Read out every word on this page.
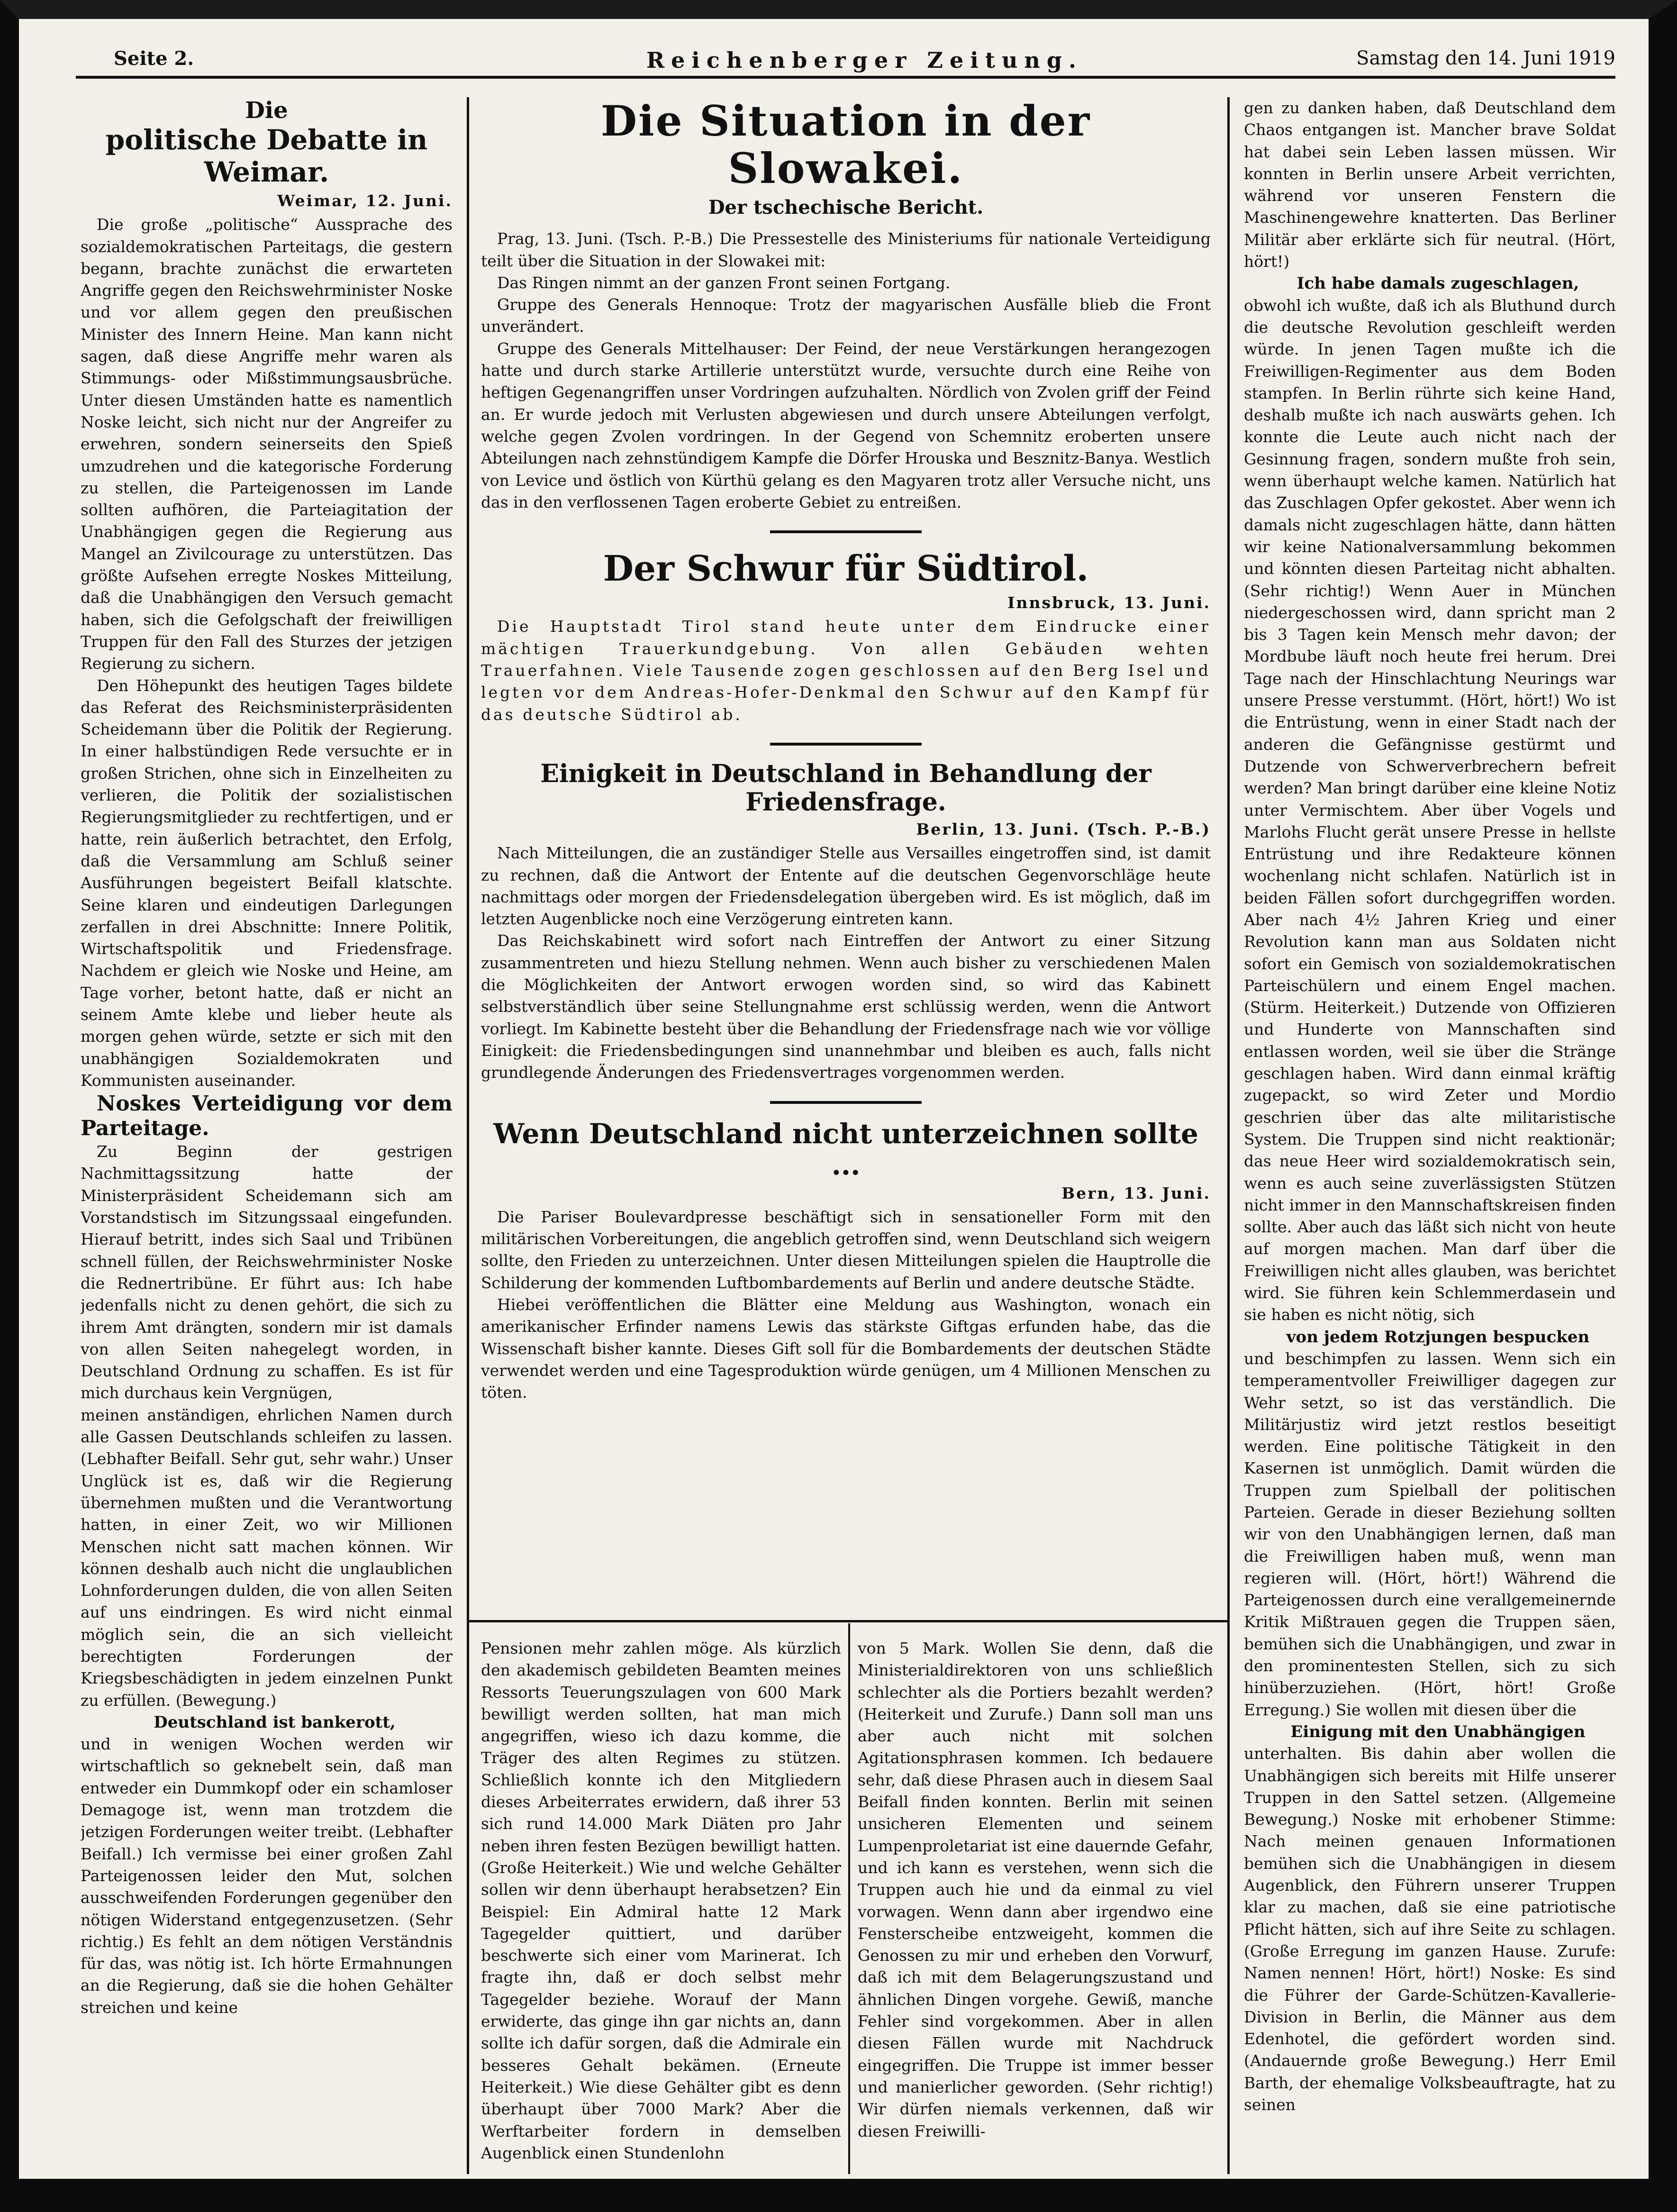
Seite 2.	Reichenberger Zeitung.	Samstag den 14. Juni 1919
Die
politische Debatte in Weimar.
Weimar, 12. Juni.

Die große „politische“ Aussprache des sozialdemokratischen Parteitags, die gestern begann, brachte zunächst die erwarteten Angriffe gegen den Reichswehrminister Noske und vor allem gegen den preußischen Minister des Innern Heine. Man kann nicht sagen, daß diese Angriffe mehr waren als Stimmungs- oder Mißstimmungsausbrüche. Unter diesen Umständen hatte es namentlich Noske leicht, sich nicht nur der Angreifer zu erwehren, sondern seinerseits den Spieß umzudrehen und die kategorische Forderung zu stellen, die Parteigenossen im Lande sollten aufhören, die Parteiagitation der Unabhängigen gegen die Regierung aus Mangel an Zivilcourage zu unterstützen. Das größte Aufsehen erregte Noskes Mitteilung, daß die Unabhängigen den Versuch gemacht haben, sich die Gefolgschaft der freiwilligen Truppen für den Fall des Sturzes der jetzigen Regierung zu sichern.

Den Höhepunkt des heutigen Tages bildete das Referat des Reichsministerpräsidenten Scheidemann über die Politik der Regierung. In einer halbstündigen Rede versuchte er in großen Strichen, ohne sich in Einzelheiten zu verlieren, die Politik der sozialistischen Regierungsmitglieder zu rechtfertigen, und er hatte, rein äußerlich betrachtet, den Erfolg, daß die Versammlung am Schluß seiner Ausführungen begeistert Beifall klatschte. Seine klaren und eindeutigen Darlegungen zerfallen in drei Abschnitte: Innere Politik, Wirtschaftspolitik und Friedensfrage. Nachdem er gleich wie Noske und Heine, am Tage vorher, betont hatte, daß er nicht an seinem Amte klebe und lieber heute als morgen gehen würde, setzte er sich mit den unabhängigen Sozialdemokraten und Kommunisten auseinander.

Noskes Verteidigung vor dem Parteitage.

Zu Beginn der gestrigen Nachmittagssitzung hatte der Ministerpräsident Scheidemann sich am Vorstandstisch im Sitzungssaal eingefunden. Hierauf betritt, indes sich Saal und Tribünen schnell füllen, der Reichswehrminister Noske die Rednertribüne. Er führt aus: Ich habe jedenfalls nicht zu denen gehört, die sich zu ihrem Amt drängten, sondern mir ist damals von allen Seiten nahegelegt worden, in Deutschland Ordnung zu schaffen. Es ist für mich durchaus kein Vergnügen,

meinen anständigen, ehrlichen Namen durch alle Gassen Deutschlands schleifen zu lassen. (Lebhafter Beifall. Sehr gut, sehr wahr.) Unser Unglück ist es, daß wir die Regierung übernehmen mußten und die Verantwortung hatten, in einer Zeit, wo wir Millionen Menschen nicht satt machen können. Wir können deshalb auch nicht die unglaublichen Lohnforderungen dulden, die von allen Seiten auf uns eindringen. Es wird nicht einmal möglich sein, die an sich vielleicht berechtigten Forderungen der Kriegsbeschädigten in jedem einzelnen Punkt zu erfüllen. (Bewegung.)

Deutschland ist bankerott,

und in wenigen Wochen werden wir wirtschaftlich so geknebelt sein, daß man entweder ein Dummkopf oder ein schamloser Demagoge ist, wenn man trotzdem die jetzigen Forderungen weiter treibt. (Lebhafter Beifall.) Ich vermisse bei einer großen Zahl Parteigenossen leider den Mut, solchen ausschweifenden Forderungen gegenüber den nötigen Widerstand entgegenzusetzen. (Sehr richtig.) Es fehlt an dem nötigen Verständnis für das, was nötig ist. Ich hörte Ermahnungen an die Regierung, daß sie die hohen Gehälter streichen und keine

Die Situation in der Slowakei.
Der tschechische Bericht.

Prag, 13. Juni. (Tsch. P.-B.) Die Pressestelle des Ministeriums für nationale Verteidigung teilt über die Situation in der Slowakei mit:

Das Ringen nimmt an der ganzen Front seinen Fortgang.

Gruppe des Generals Hennoque: Trotz der magyarischen Ausfälle blieb die Front unverändert.

Gruppe des Generals Mittelhauser: Der Feind, der neue Verstärkungen herangezogen hatte und durch starke Artillerie unterstützt wurde, versuchte durch eine Reihe von heftigen Gegenangriffen unser Vordringen aufzuhalten. Nördlich von Zvolen griff der Feind an. Er wurde jedoch mit Verlusten abgewiesen und durch unsere Abteilungen verfolgt, welche gegen Zvolen vordringen. In der Gegend von Schemnitz eroberten unsere Abteilungen nach zehnstündigem Kampfe die Dörfer Hrouska und Besznitz-Banya. Westlich von Levice und östlich von Kürthü gelang es den Magyaren trotz aller Versuche nicht, uns das in den verflossenen Tagen eroberte Gebiet zu entreißen.

Der Schwur für Südtirol.
Innsbruck, 13. Juni.

Die Hauptstadt Tirol stand heute unter dem Eindrucke einer mächtigen Trauerkundgebung. Von allen Gebäuden wehten Trauerfahnen. Viele Tausende zogen geschlossen auf den Berg Isel und legten vor dem Andreas-Hofer-Denkmal den Schwur auf den Kampf für das deutsche Südtirol ab.

Einigkeit in Deutschland in Behandlung der Friedensfrage.
Berlin, 13. Juni. (Tsch. P.-B.)

Nach Mitteilungen, die an zuständiger Stelle aus Versailles eingetroffen sind, ist damit zu rechnen, daß die Antwort der Entente auf die deutschen Gegenvorschläge heute nachmittags oder morgen der Friedensdelegation übergeben wird. Es ist möglich, daß im letzten Augenblicke noch eine Verzögerung eintreten kann.

Das Reichskabinett wird sofort nach Eintreffen der Antwort zu einer Sitzung zusammentreten und hiezu Stellung nehmen. Wenn auch bisher zu verschiedenen Malen die Möglichkeiten der Antwort erwogen worden sind, so wird das Kabinett selbstverständlich über seine Stellungnahme erst schlüssig werden, wenn die Antwort vorliegt. Im Kabinette besteht über die Behandlung der Friedensfrage nach wie vor völlige Einigkeit: die Friedensbedingungen sind unannehmbar und bleiben es auch, falls nicht grundlegende Änderungen des Friedensvertrages vorgenommen werden.

Wenn Deutschland nicht unterzeichnen sollte ...
Bern, 13. Juni.

Die Pariser Boulevardpresse beschäftigt sich in sensationeller Form mit den militärischen Vorbereitungen, die angeblich getroffen sind, wenn Deutschland sich weigern sollte, den Frieden zu unterzeichnen. Unter diesen Mitteilungen spielen die Hauptrolle die Schilderung der kommenden Luftbombardements auf Berlin und andere deutsche Städte.

Hiebei veröffentlichen die Blätter eine Meldung aus Washington, wonach ein amerikanischer Erfinder namens Lewis das stärkste Giftgas erfunden habe, das die Wissenschaft bisher kannte. Dieses Gift soll für die Bombardements der deutschen Städte verwendet werden und eine Tagesproduktion würde genügen, um 4 Millionen Menschen zu töten.

Pensionen mehr zahlen möge. Als kürzlich den akademisch gebildeten Beamten meines Ressorts Teuerungszulagen von 600 Mark bewilligt werden sollten, hat man mich angegriffen, wieso ich dazu komme, die Träger des alten Regimes zu stützen. Schließlich konnte ich den Mitgliedern dieses Arbeiterrates erwidern, daß ihrer 53 sich rund 14.000 Mark Diäten pro Jahr neben ihren festen Bezügen bewilligt hatten. (Große Heiterkeit.) Wie und welche Gehälter sollen wir denn überhaupt herabsetzen? Ein Beispiel: Ein Admiral hatte 12 Mark Tagegelder quittiert, und darüber beschwerte sich einer vom Marinerat. Ich fragte ihn, daß er doch selbst mehr Tagegelder beziehe. Worauf der Mann erwiderte, das ginge ihn gar nichts an, dann sollte ich dafür sorgen, daß die Admirale ein besseres Gehalt bekämen. (Erneute Heiterkeit.) Wie diese Gehälter gibt es denn überhaupt über 7000 Mark? Aber die Werftarbeiter fordern in demselben Augenblick einen Stundenlohn

von 5 Mark. Wollen Sie denn, daß die Ministerialdirektoren von uns schließlich schlechter als die Portiers bezahlt werden? (Heiterkeit und Zurufe.) Dann soll man uns aber auch nicht mit solchen Agitationsphrasen kommen. Ich bedauere sehr, daß diese Phrasen auch in diesem Saal Beifall finden konnten. Berlin mit seinen unsicheren Elementen und seinem Lumpenproletariat ist eine dauernde Gefahr, und ich kann es verstehen, wenn sich die Truppen auch hie und da einmal zu viel vorwagen. Wenn dann aber irgendwo eine Fensterscheibe entzweigeht, kommen die Genossen zu mir und erheben den Vorwurf, daß ich mit dem Belagerungszustand und ähnlichen Dingen vorgehe. Gewiß, manche Fehler sind vorgekommen. Aber in allen diesen Fällen wurde mit Nachdruck eingegriffen. Die Truppe ist immer besser und manierlicher geworden. (Sehr richtig!) Wir dürfen niemals verkennen, daß wir diesen Freiwilli-

gen zu danken haben, daß Deutschland dem Chaos entgangen ist. Mancher brave Soldat hat dabei sein Leben lassen müssen. Wir konnten in Berlin unsere Arbeit verrichten, während vor unseren Fenstern die Maschinengewehre knatterten. Das Berliner Militär aber erklärte sich für neutral. (Hört, hört!)

Ich habe damals zugeschlagen,

obwohl ich wußte, daß ich als Bluthund durch die deutsche Revolution geschleift werden würde. In jenen Tagen mußte ich die Freiwilligen-Regimenter aus dem Boden stampfen. In Berlin rührte sich keine Hand, deshalb mußte ich nach auswärts gehen. Ich konnte die Leute auch nicht nach der Gesinnung fragen, sondern mußte froh sein, wenn überhaupt welche kamen. Natürlich hat das Zuschlagen Opfer gekostet. Aber wenn ich damals nicht zugeschlagen hätte, dann hätten wir keine Nationalversammlung bekommen und könnten diesen Parteitag nicht abhalten. (Sehr richtig!) Wenn Auer in München niedergeschossen wird, dann spricht man 2 bis 3 Tagen kein Mensch mehr davon; der Mordbube läuft noch heute frei herum. Drei Tage nach der Hinschlachtung Neurings war unsere Presse verstummt. (Hört, hört!) Wo ist die Entrüstung, wenn in einer Stadt nach der anderen die Gefängnisse gestürmt und Dutzende von Schwerverbrechern befreit werden? Man bringt darüber eine kleine Notiz unter Vermischtem. Aber über Vogels und Marlohs Flucht gerät unsere Presse in hellste Entrüstung und ihre Redakteure können wochenlang nicht schlafen. Natürlich ist in beiden Fällen sofort durchgegriffen worden. Aber nach 4½ Jahren Krieg und einer Revolution kann man aus Soldaten nicht sofort ein Gemisch von sozialdemokratischen Parteischülern und einem Engel machen. (Stürm. Heiterkeit.) Dutzende von Offizieren und Hunderte von Mannschaften sind entlassen worden, weil sie über die Stränge geschlagen haben. Wird dann einmal kräftig zugepackt, so wird Zeter und Mordio geschrien über das alte militaristische System. Die Truppen sind nicht reaktionär; das neue Heer wird sozialdemokratisch sein, wenn es auch seine zuverlässigsten Stützen nicht immer in den Mannschaftskreisen finden sollte. Aber auch das läßt sich nicht von heute auf morgen machen. Man darf über die Freiwilligen nicht alles glauben, was berichtet wird. Sie führen kein Schlemmerdasein und sie haben es nicht nötig, sich

von jedem Rotzjungen bespucken

und beschimpfen zu lassen. Wenn sich ein temperamentvoller Freiwilliger dagegen zur Wehr setzt, so ist das verständlich. Die Militärjustiz wird jetzt restlos beseitigt werden. Eine politische Tätigkeit in den Kasernen ist unmöglich. Damit würden die Truppen zum Spielball der politischen Parteien. Gerade in dieser Beziehung sollten wir von den Unabhängigen lernen, daß man die Freiwilligen haben muß, wenn man regieren will. (Hört, hört!) Während die Parteigenossen durch eine verallgemeinernde Kritik Mißtrauen gegen die Truppen säen, bemühen sich die Unabhängigen, und zwar in den prominentesten Stellen, sich zu sich hinüberzuziehen. (Hört, hört! Große Erregung.) Sie wollen mit diesen über die

Einigung mit den Unabhängigen

unterhalten. Bis dahin aber wollen die Unabhängigen sich bereits mit Hilfe unserer Truppen in den Sattel setzen. (Allgemeine Bewegung.) Noske mit erhobener Stimme: Nach meinen genauen Informationen bemühen sich die Unabhängigen in diesem Augenblick, den Führern unserer Truppen klar zu machen, daß sie eine patriotische Pflicht hätten, sich auf ihre Seite zu schlagen. (Große Erregung im ganzen Hause. Zurufe: Namen nennen! Hört, hört!) Noske: Es sind die Führer der Garde-Schützen-Kavallerie-Division in Berlin, die Männer aus dem Edenhotel, die gefördert worden sind. (Andauernde große Bewegung.) Herr Emil Barth, der ehemalige Volksbeauftragte, hat zu seinen
